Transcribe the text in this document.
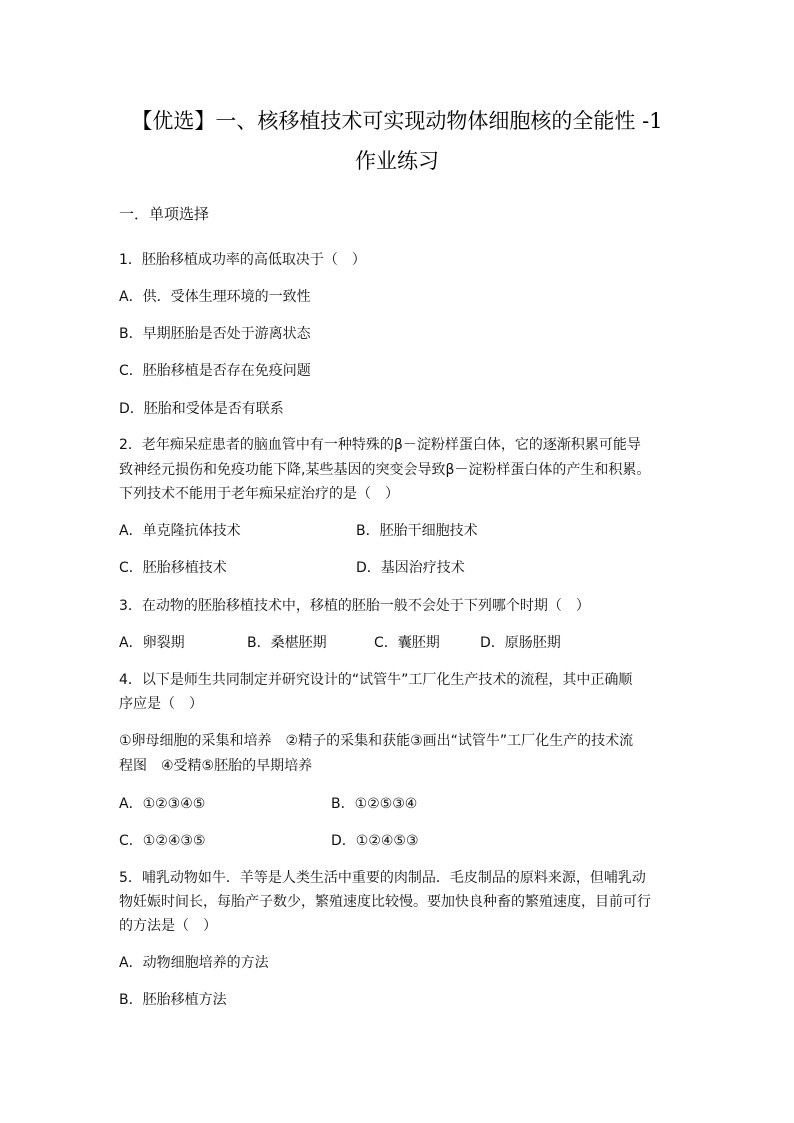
【优选】一、核移植技术可实现动物体细胞核的全能性 -1
作业练习
一．单项选择
1．胚胎移植成功率的高低取决于（　）
A．供．受体生理环境的一致性
B．早期胚胎是否处于游离状态
C．胚胎移植是否存在免疫问题
D．胚胎和受体是否有联系
2．老年痴呆症患者的脑血管中有一种特殊的β－淀粉样蛋白体，它的逐渐积累可能导
致神经元损伤和免疫功能下降,某些基因的突变会导致β－淀粉样蛋白体的产生和积累。
下列技术不能用于老年痴呆症治疗的是（　）
A．单克隆抗体技术	B．胚胎干细胞技术
C．胚胎移植技术	D．基因治疗技术
3．在动物的胚胎移植技术中，移植的胚胎一般不会处于下列哪个时期（　）
A．卵裂期	B．桑椹胚期	C．囊胚期	D．原肠胚期
4．以下是师生共同制定并研究设计的“试管牛”工厂化生产技术的流程，其中正确顺
序应是（　）
①卵母细胞的采集和培养　②精子的采集和获能③画出“试管牛”工厂化生产的技术流
程图　④受精⑤胚胎的早期培养
A．①②③④⑤	B．①②⑤③④
C．①②④③⑤	D．①②④⑤③
5．哺乳动物如牛．羊等是人类生活中重要的肉制品．毛皮制品的原料来源，但哺乳动
物妊娠时间长，每胎产子数少，繁殖速度比较慢。要加快良种畜的繁殖速度，目前可行
的方法是（　）
A．动物细胞培养的方法
B．胚胎移植方法
